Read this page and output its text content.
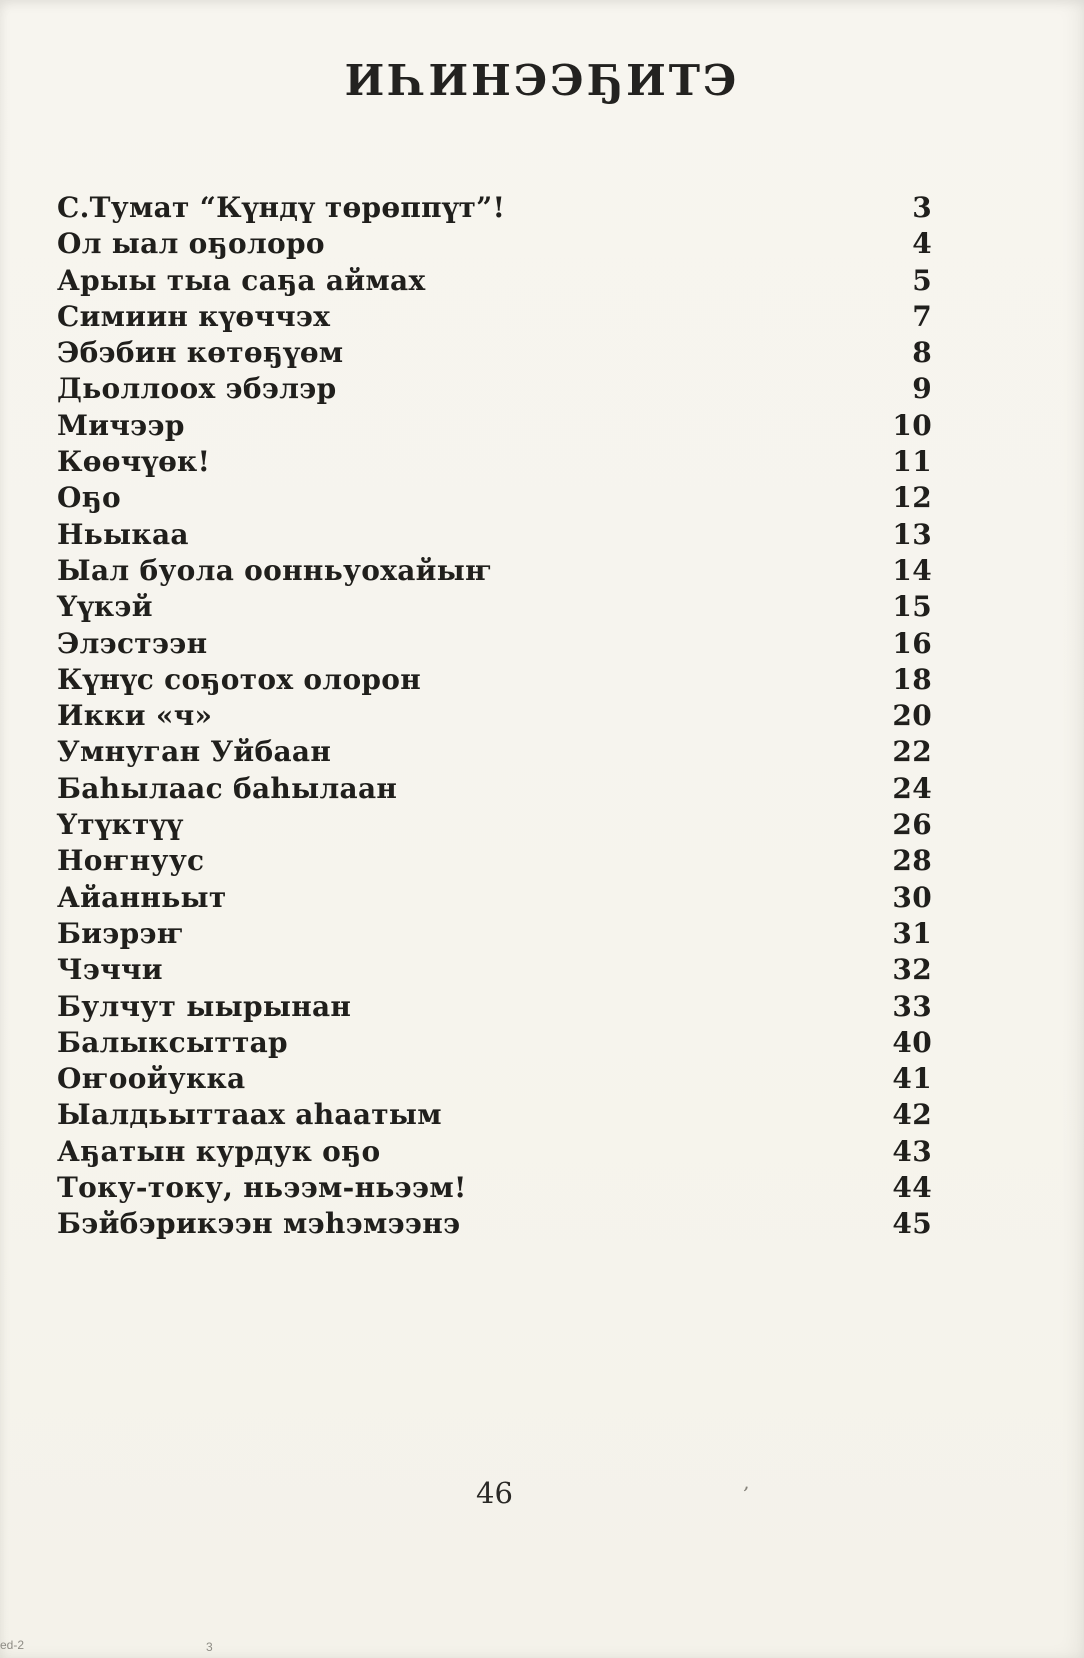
ИҺИНЭЭҔИТЭ
С.Тумат “Күндү төрөппүт”!	3
Ол ыал оҕолоро	4
Арыы тыа саҕа аймах	5
Симиин күөччэх	7
Эбэбин көтөҕүөм	8
Дьоллоох эбэлэр	9
Мичээр	10
Көөчүөк!	11
Оҕо	12
Ньыкаа	13
Ыал буола оонньуохайыҥ	14
Үүкэй	15
Элэстээн	16
Күнүс соҕотох олорон	18
Икки «ч»	20
Умнуган Уйбаан	22
Баһылаас баһылаан	24
Үтүктүү	26
Ноҥнуус	28
Айанньыт	30
Биэрэҥ	31
Чэччи	32
Булчут ыырынан	33
Балыксыттар	40
Оҥоойукка	41
Ыалдьыттаах аһаатым	42
Аҕатын курдук оҕо	43
Току-току, ньээм-ньээм!	44
Бэйбэрикээн мэһэмээнэ	45
46	’
ed-2	3
